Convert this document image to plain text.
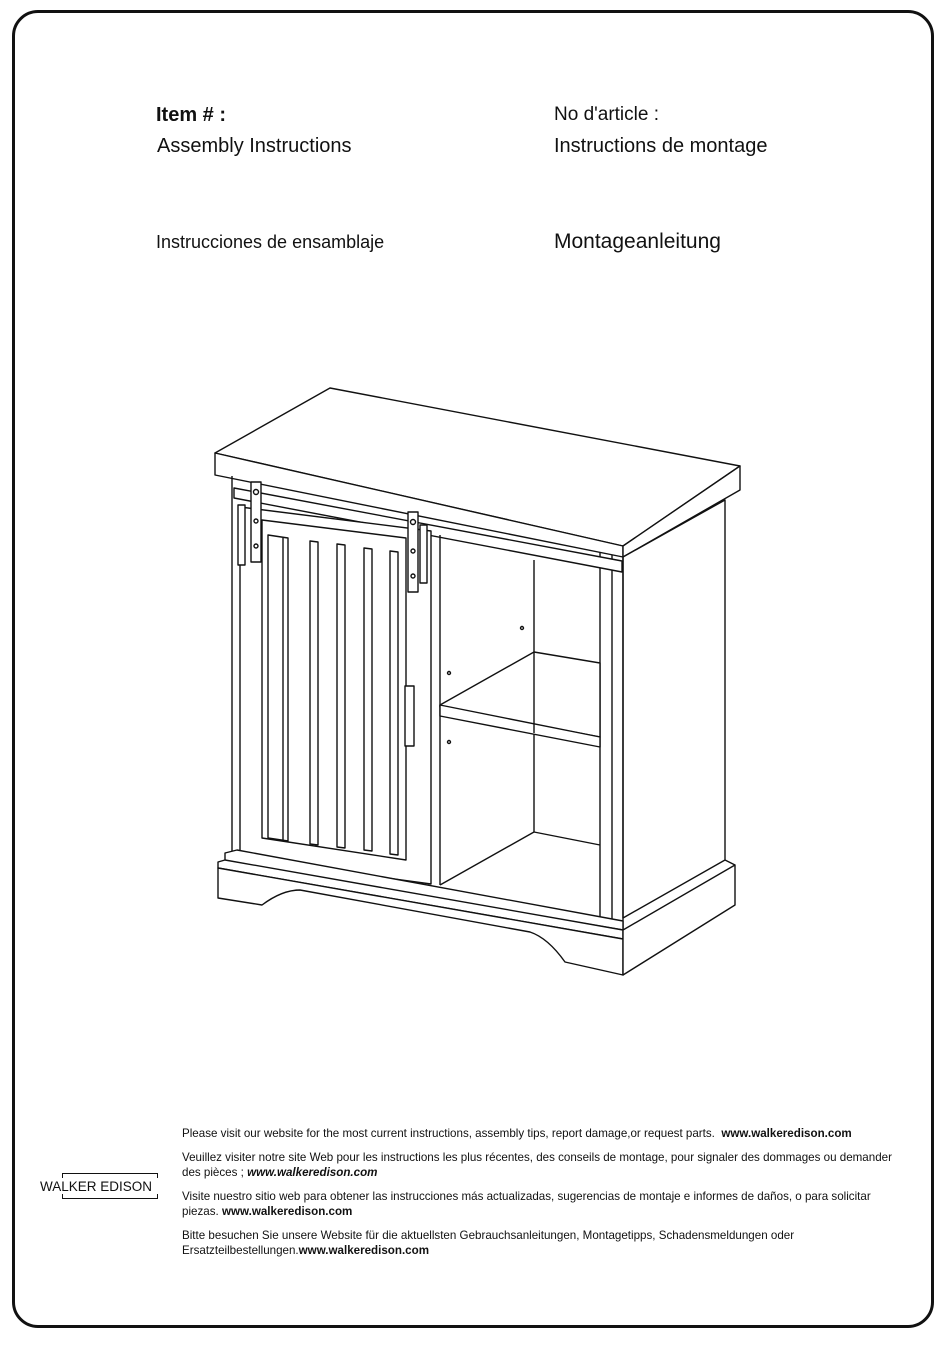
Item # :
Assembly Instructions
No d'article :
Instructions de montage
Instrucciones de ensamblaje	Montageanleitung
WALKER EDISON

Please visit our website for the most current instructions, assembly tips, report damage,or request parts. www.walkeredison.com

Veuillez visiter notre site Web pour les instructions les plus récentes, des conseils de montage, pour signaler des dommages ou demander des pièces ; www.walkeredison.com

Visite nuestro sitio web para obtener las instrucciones más actualizadas, sugerencias de montaje e informes de daños, o para solicitar piezas. www.walkeredison.com

Bitte besuchen Sie unsere Website für die aktuellsten Gebrauchsanleitungen, Montagetipps, Schadensmeldungen oder Ersatzteilbestellungen.www.walkeredison.com
